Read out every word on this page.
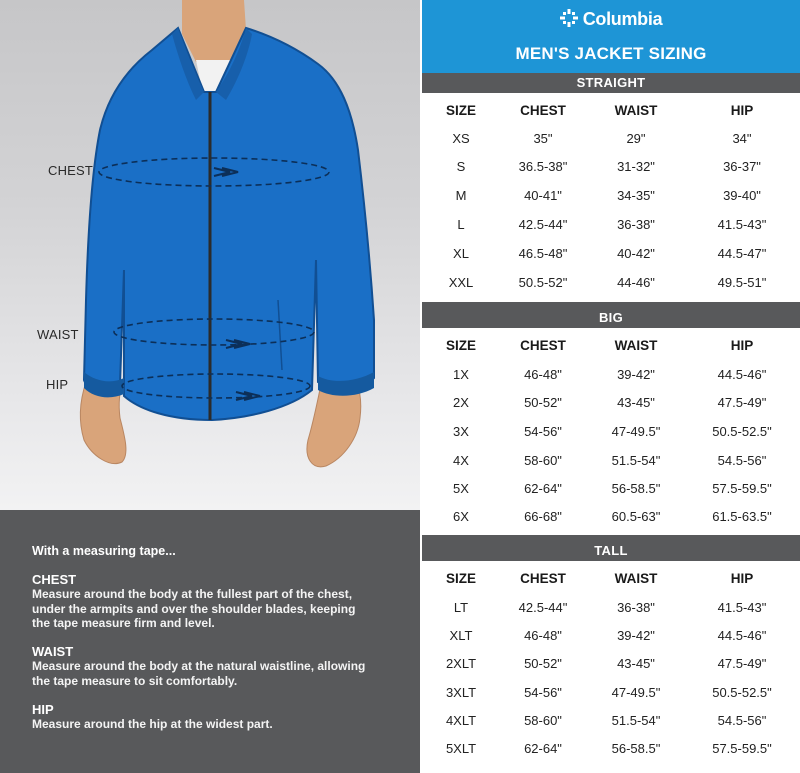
CHEST
WAIST
HIP
With a measuring tape...
CHEST
Measure around the body at the fullest part of the chest,
under the armpits and over the shoulder blades, keeping
the tape measure firm and level.
WAIST
Measure around the body at the natural waistline, allowing
the tape measure to sit comfortably.
HIP
Measure around the hip at the widest part.
Columbia
MEN'S JACKET SIZING
STRAIGHT
SIZE	CHEST	WAIST	HIP
XS	35"	29"	34"
S	36.5-38"	31-32"	36-37"
M	40-41"	34-35"	39-40"
L	42.5-44"	36-38"	41.5-43"
XL	46.5-48"	40-42"	44.5-47"
XXL	50.5-52"	44-46"	49.5-51"
BIG
SIZE	CHEST	WAIST	HIP
1X	46-48"	39-42"	44.5-46"
2X	50-52"	43-45"	47.5-49"
3X	54-56"	47-49.5"	50.5-52.5"
4X	58-60"	51.5-54"	54.5-56"
5X	62-64"	56-58.5"	57.5-59.5"
6X	66-68"	60.5-63"	61.5-63.5"
TALL
SIZE	CHEST	WAIST	HIP
LT	42.5-44"	36-38"	41.5-43"
XLT	46-48"	39-42"	44.5-46"
2XLT	50-52"	43-45"	47.5-49"
3XLT	54-56"	47-49.5"	50.5-52.5"
4XLT	58-60"	51.5-54"	54.5-56"
5XLT	62-64"	56-58.5"	57.5-59.5"
